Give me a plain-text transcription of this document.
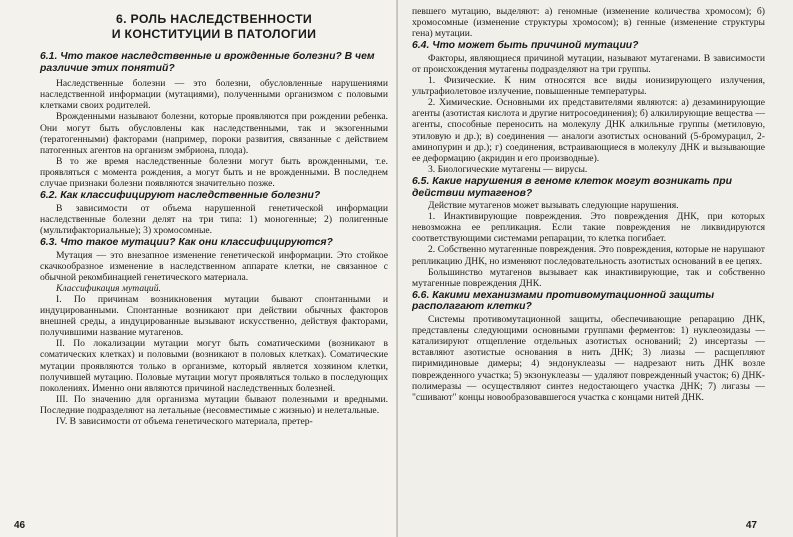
6. РОЛЬ НАСЛЕДСТВЕННОСТИ
И КОНСТИТУЦИИ В ПАТОЛОГИИ
6.1. Что такое наследственные и врожденные болезни? В чем различие этих понятий?

Наследственные болезни — это болезни, обусловленные нарушениями наследственной информации (мутациями), полученными организмом с половыми клетками своих родителей.

Врожденными называют болезни, которые проявляются при рождении ребенка. Они могут быть обусловлены как наследственными, так и экзогенными (тератогенными) факторами (например, пороки развития, связанные с действием патогенных агентов на организм эмбриона, плода).

В то же время наследственные болезни могут быть врожденными, т.е. проявляться с момента рождения, а могут быть и не врожденными. В последнем случае признаки болезни появляются значительно позже.

6.2. Как классифицируют наследственные болезни?

В зависимости от объема нарушенной генетической информации наследственные болезни делят на три типа: 1) моногенные; 2) полигенные (мультифакториальные); 3) хромосомные.

6.3. Что такое мутации? Как они классифицируются?

Мутация — это внезапное изменение генетической информации. Это стойкое скачкообразное изменение в наследственном аппарате клетки, не связанное с обычной рекомбинацией генетического материала.

Классификация мутаций.

I. По причинам возникновения мутации бывают спонтанными и индуцированными. Спонтанные возникают при действии обычных факторов внешней среды, а индуцированные вызывают искусственно, действуя факторами, получившими название мутагенов.

II. По локализации мутации могут быть соматическими (возникают в соматических клетках) и половыми (возникают в половых клетках). Соматические мутации проявляются только в организме, который является хозяином клетки, получившей мутацию. Половые мутации могут проявляться только в последующих поколениях. Именно они являются причиной наследственных болезней.

III. По значению для организма мутации бывают полезными и вредными. Последние подразделяют на летальные (несовместимые с жизнью) и нелетальные.

IV. В зависимости от объема генетического материала, претер-

46

певшего мутацию, выделяют: а) геномные (изменение количества хромосом); б) хромосомные (изменение структуры хромосом); в) генные (изменение структуры гена) мутации.

6.4. Что может быть причиной мутации?

Факторы, являющиеся причиной мутации, называют мутагенами. В зависимости от происхождения мутагены подразделяют на три группы.

1. Физические. К ним относятся все виды ионизирующего излучения, ультрафиолетовое излучение, повышенные температуры.

2. Химические. Основными их представителями являются: а) дезаминирующие агенты (азотистая кислота и другие нитросоединения); б) алкилирующие вещества — агенты, способные переносить на молекулу ДНК алкильные группы (метиловую, этиловую и др.); в) соединения — аналоги азотистых оснований (5-бромурацил, 2-аминопурин и др.); г) соединения, встраивающиеся в молекулу ДНК и вызывающие ее деформацию (акридин и его производные).

3. Биологические мутагены — вирусы.

6.5. Какие нарушения в геноме клеток могут возникать при действии мутагенов?

Действие мутагенов может вызывать следующие нарушения.

1. Инактивирующие повреждения. Это повреждения ДНК, при которых невозможна ее репликация. Если такие повреждения не ликвидируются соответствующими системами репарации, то клетка погибает.

2. Собственно мутагенные повреждения. Это повреждения, которые не нарушают репликацию ДНК, но изменяют последовательность азотистых оснований в ее цепях.

Большинство мутагенов вызывает как инактивирующие, так и собственно мутагенные повреждения ДНК.

6.6. Какими механизмами противомутационной защиты располагают клетки?

Системы противомутационной защиты, обеспечивающие репарацию ДНК, представлены следующими основными группами ферментов: 1) нуклеозидазы — катализируют отщепление отдельных азотистых оснований; 2) инсертазы — вставляют азотистые основания в нить ДНК; 3) лиазы — расщепляют пиримидиновые димеры; 4) эндонуклеазы — надрезают нить ДНК возле поврежденного участка; 5) экзонуклеазы — удаляют поврежденный участок; 6) ДНК-полимеразы — осуществляют синтез недостающего участка ДНК; 7) лигазы — "сшивают" концы новообразовавшегося участка с концами нитей ДНК.

47
